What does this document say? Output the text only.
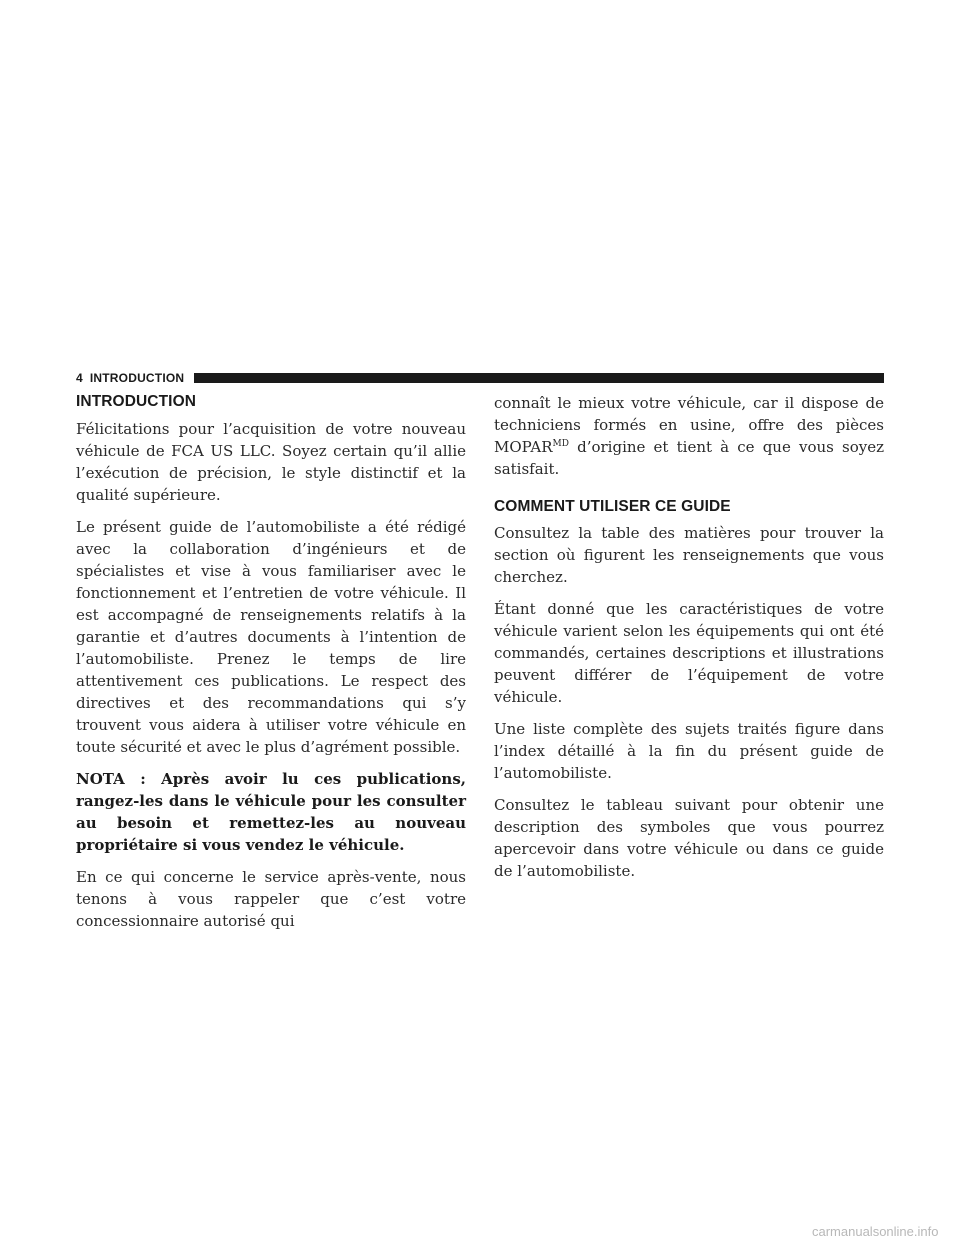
4 INTRODUCTION
INTRODUCTION

Félicitations pour l’acquisition de votre nouveau véhicule de FCA US LLC. Soyez certain qu’il allie l’exécution de précision, le style distinctif et la qualité supérieure.

Le présent guide de l’automobiliste a été rédigé avec la collaboration d’ingénieurs et de spécialistes et vise à vous familiariser avec le fonctionnement et l’entretien de votre véhicule. Il est accompagné de renseignements relatifs à la garantie et d’autres documents à l’intention de l’automobiliste. Prenez le temps de lire attentivement ces publications. Le respect des directives et des recommandations qui s’y trouvent vous aidera à utiliser votre véhicule en toute sécurité et avec le plus d’agrément possible.

NOTA : Après avoir lu ces publications, rangez-les dans le véhicule pour les consulter au besoin et remettez-les au nouveau propriétaire si vous vendez le véhicule.

En ce qui concerne le service après-vente, nous tenons à vous rappeler que c’est votre concessionnaire autorisé qui

connaît le mieux votre véhicule, car il dispose de techniciens formés en usine, offre des pièces $MOPAR^{MD}$ d’origine et tient à ce que vous soyez satisfait.

COMMENT UTILISER CE GUIDE

Consultez la table des matières pour trouver la section où figurent les renseignements que vous cherchez.

Étant donné que les caractéristiques de votre véhicule varient selon les équipements qui ont été commandés, certaines descriptions et illustrations peuvent différer de l’équipement de votre véhicule.

Une liste complète des sujets traités figure dans l’index détaillé à la fin du présent guide de l’automobiliste.

Consultez le tableau suivant pour obtenir une description des symboles que vous pourrez apercevoir dans votre véhicule ou dans ce guide de l’automobiliste.

carmanualsonline.info
